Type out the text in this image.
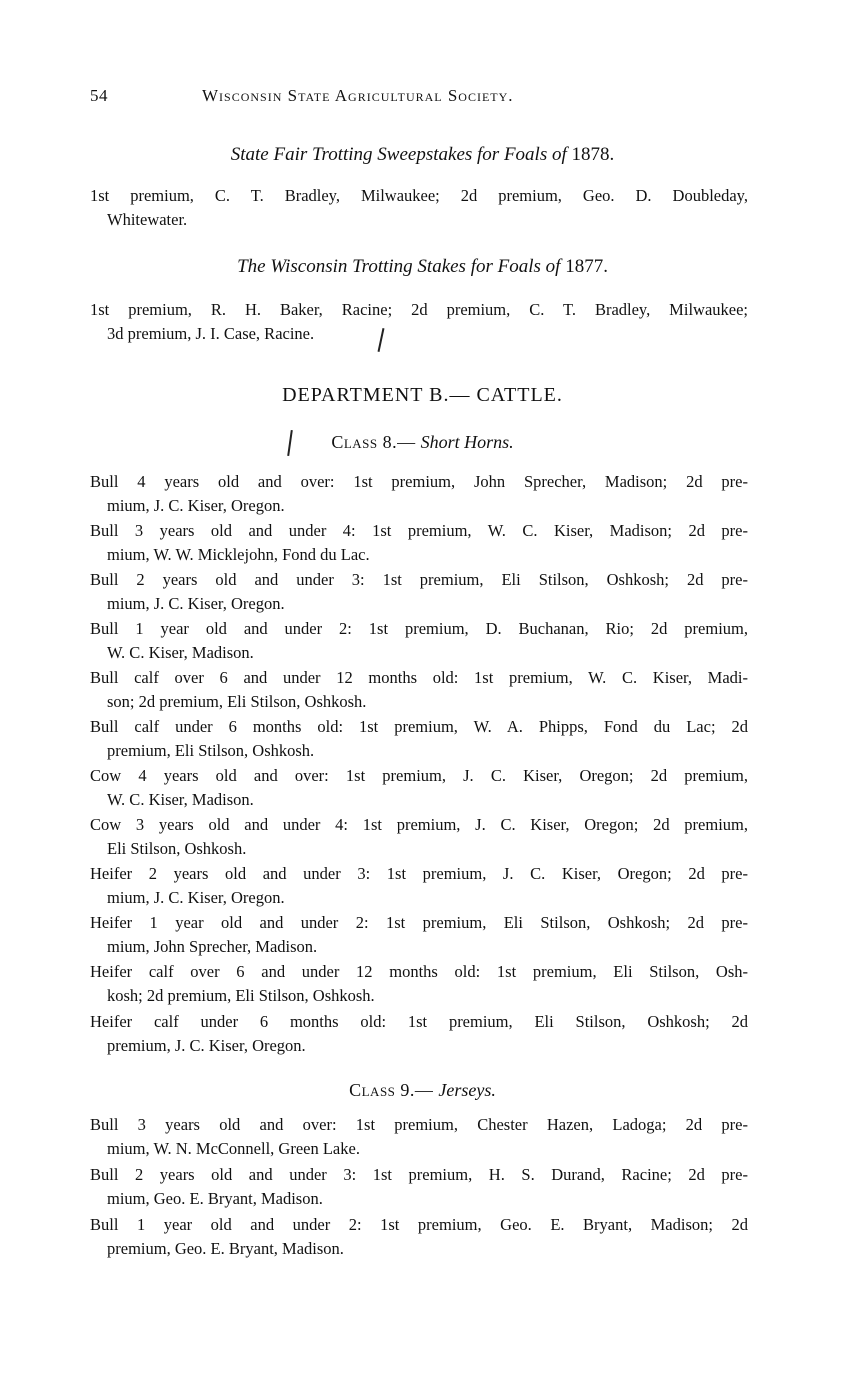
54	Wisconsin State Agricultural Society.
State Fair Trotting Sweepstakes for Foals of 1878.
1st premium, C. T. Bradley, Milwaukee; 2d premium, Geo. D. Doubleday,
Whitewater.
The Wisconsin Trotting Stakes for Foals of 1877.
1st premium, R. H. Baker, Racine; 2d premium, C. T. Bradley, Milwaukee;
3d premium, J. I. Case, Racine.
DEPARTMENT B.— CATTLE.
Class 8.— Short Horns.
Bull 4 years old and over: 1st premium, John Sprecher, Madison; 2d pre-
mium, J. C. Kiser, Oregon.
Bull 3 years old and under 4: 1st premium, W. C. Kiser, Madison; 2d pre-
mium, W. W. Micklejohn, Fond du Lac.
Bull 2 years old and under 3: 1st premium, Eli Stilson, Oshkosh; 2d pre-
mium, J. C. Kiser, Oregon.
Bull 1 year old and under 2: 1st premium, D. Buchanan, Rio; 2d premium,
W. C. Kiser, Madison.
Bull calf over 6 and under 12 months old: 1st premium, W. C. Kiser, Madi-
son; 2d premium, Eli Stilson, Oshkosh.
Bull calf under 6 months old: 1st premium, W. A. Phipps, Fond du Lac; 2d
premium, Eli Stilson, Oshkosh.
Cow 4 years old and over: 1st premium, J. C. Kiser, Oregon; 2d premium,
W. C. Kiser, Madison.
Cow 3 years old and under 4: 1st premium, J. C. Kiser, Oregon; 2d premium,
Eli Stilson, Oshkosh.
Heifer 2 years old and under 3: 1st premium, J. C. Kiser, Oregon; 2d pre-
mium, J. C. Kiser, Oregon.
Heifer 1 year old and under 2: 1st premium, Eli Stilson, Oshkosh; 2d pre-
mium, John Sprecher, Madison.
Heifer calf over 6 and under 12 months old: 1st premium, Eli Stilson, Osh-
kosh; 2d premium, Eli Stilson, Oshkosh.
Heifer calf under 6 months old: 1st premium, Eli Stilson, Oshkosh; 2d
premium, J. C. Kiser, Oregon.
Class 9.— Jerseys.
Bull 3 years old and over: 1st premium, Chester Hazen, Ladoga; 2d pre-
mium, W. N. McConnell, Green Lake.
Bull 2 years old and under 3: 1st premium, H. S. Durand, Racine; 2d pre-
mium, Geo. E. Bryant, Madison.
Bull 1 year old and under 2: 1st premium, Geo. E. Bryant, Madison; 2d
premium, Geo. E. Bryant, Madison.
